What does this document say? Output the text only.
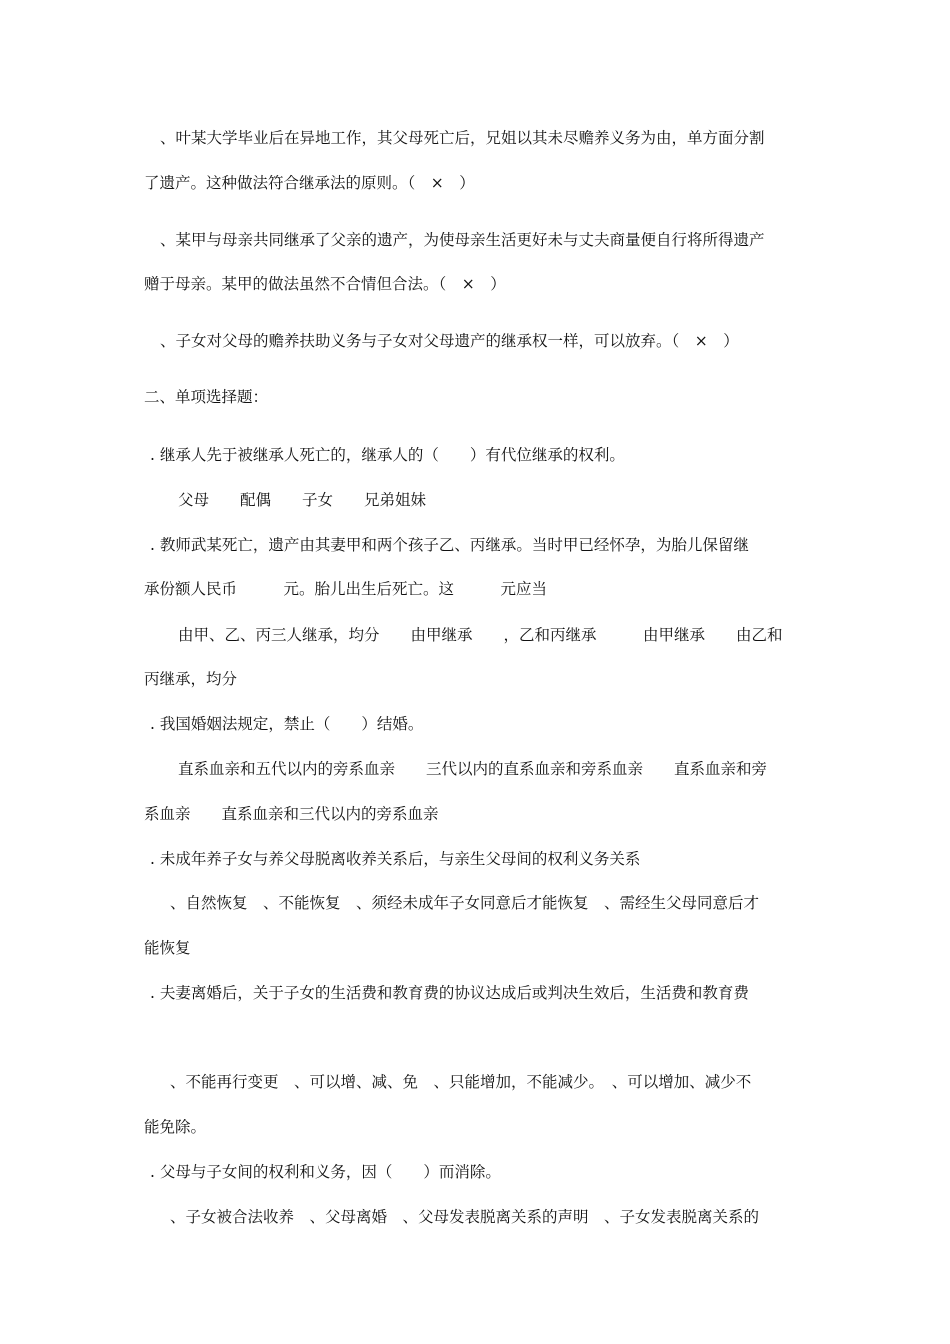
、叶某大学毕业后在异地工作，其父母死亡后，兄姐以其未尽赡养义务为由，单方面分割

了遗产。这种做法符合继承法的原则。（　×　）

、某甲与母亲共同继承了父亲的遗产，为使母亲生活更好未与丈夫商量便自行将所得遗产

赠于母亲。某甲的做法虽然不合情但合法。（　×　）

、子女对父母的赡养扶助义务与子女对父母遗产的继承权一样，可以放弃。（　×　）

二、单项选择题：

. 继承人先于被继承人死亡的，继承人的（　　）有代位继承的权利。

父母　　配偶　　子女　　兄弟姐妹

. 教师武某死亡，遗产由其妻甲和两个孩子乙、丙继承。当时甲已经怀孕，为胎儿保留继

承份额人民币　　　元。胎儿出生后死亡。这　　　元应当

由甲、乙、丙三人继承，均分　　由甲继承　　，乙和丙继承　　　由甲继承　　由乙和

丙继承，均分

. 我国婚姻法规定，禁止（　　）结婚。

直系血亲和五代以内的旁系血亲　　三代以内的直系血亲和旁系血亲　　直系血亲和旁

系血亲　　直系血亲和三代以内的旁系血亲

. 未成年养子女与养父母脱离收养关系后，与亲生父母间的权利义务关系

、自然恢复　、不能恢复　、须经未成年子女同意后才能恢复　、需经生父母同意后才

能恢复

. 夫妻离婚后，关于子女的生活费和教育费的协议达成后或判决生效后，生活费和教育费

、不能再行变更　、可以增、减、免　、只能增加，不能减少。　、可以增加、减少不

能免除。

. 父母与子女间的权利和义务，因（　　）而消除。

、子女被合法收养　、父母离婚　、父母发表脱离关系的声明　、子女发表脱离关系的
